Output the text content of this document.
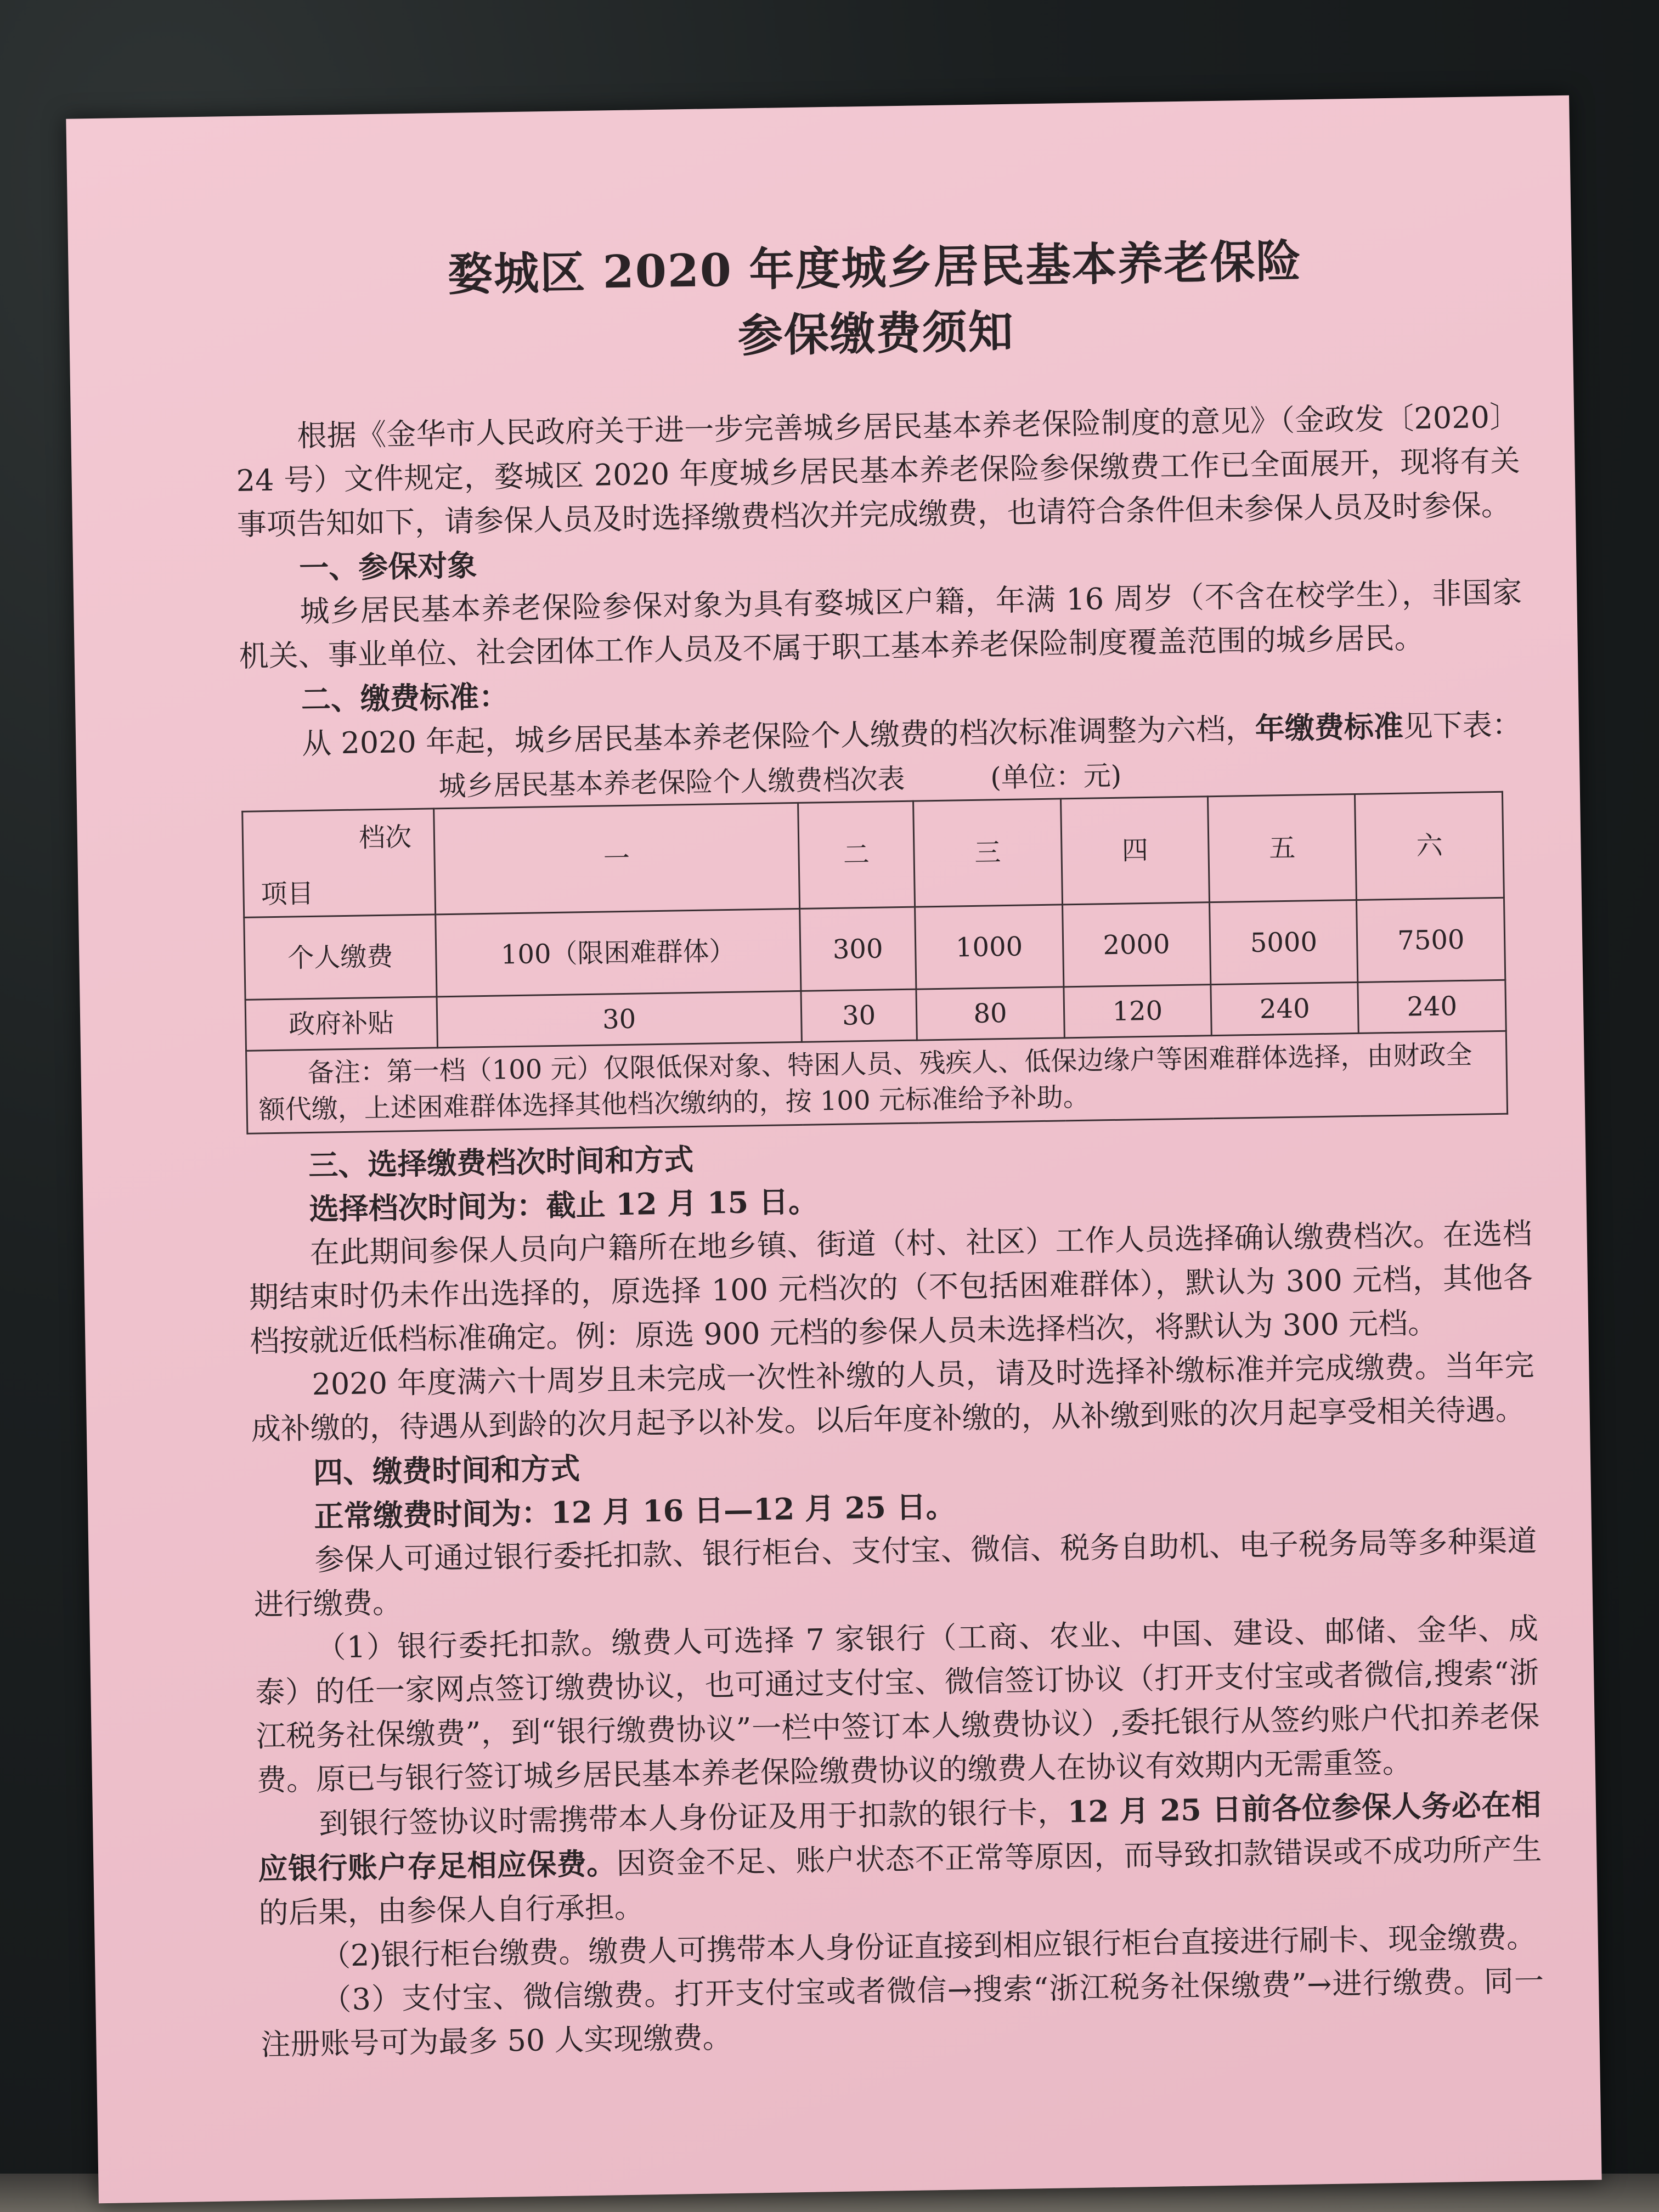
婺城区 2020 年度城乡居民基本养老保险
参保缴费须知

根据《金华市人民政府关于进一步完善城乡居民基本养老保险制度的意见》（金政发〔2020〕24 号）文件规定，婺城区 2020 年度城乡居民基本养老保险参保缴费工作已全面展开，现将有关事项告知如下，请参保人员及时选择缴费档次并完成缴费，也请符合条件但未参保人员及时参保。

一、参保对象

城乡居民基本养老保险参保对象为具有婺城区户籍，年满 16 周岁（不含在校学生），非国家机关、事业单位、社会团体工作人员及不属于职工基本养老保险制度覆盖范围的城乡居民。

二、缴费标准：

从 2020 年起，城乡居民基本养老保险个人缴费的档次标准调整为六档，年缴费标准见下表：

城乡居民基本养老保险个人缴费档次表	(单位：元)
档次
项目	一	二	三	四	五	六
个人缴费	100（限困难群体）	300	1000	2000	5000	7500
政府补贴	30	30	80	120	240	240
备注：第一档（100 元）仅限低保对象、特困人员、残疾人、低保边缘户等困难群体选择，由财政全额代缴，上述困难群体选择其他档次缴纳的，按 100 元标准给予补助。						

三、选择缴费档次时间和方式

选择档次时间为：截止 12 月 15 日。

在此期间参保人员向户籍所在地乡镇、街道（村、社区）工作人员选择确认缴费档次。在选档期结束时仍未作出选择的，原选择 100 元档次的（不包括困难群体），默认为 300 元档，其他各档按就近低档标准确定。例：原选 900 元档的参保人员未选择档次，将默认为 300 元档。

2020 年度满六十周岁且未完成一次性补缴的人员，请及时选择补缴标准并完成缴费。当年完成补缴的，待遇从到龄的次月起予以补发。以后年度补缴的，从补缴到账的次月起享受相关待遇。

四、缴费时间和方式

正常缴费时间为：12 月 16 日—12 月 25 日。

参保人可通过银行委托扣款、银行柜台、支付宝、微信、税务自助机、电子税务局等多种渠道进行缴费。

（1）银行委托扣款。缴费人可选择 7 家银行（工商、农业、中国、建设、邮储、金华、成泰）的任一家网点签订缴费协议，也可通过支付宝、微信签订协议（打开支付宝或者微信,搜索“浙江税务社保缴费”，到“银行缴费协议”一栏中签订本人缴费协议）,委托银行从签约账户代扣养老保费。原已与银行签订城乡居民基本养老保险缴费协议的缴费人在协议有效期内无需重签。

到银行签协议时需携带本人身份证及用于扣款的银行卡，12 月 25 日前各位参保人务必在相应银行账户存足相应保费。因资金不足、账户状态不正常等原因，而导致扣款错误或不成功所产生的后果，由参保人自行承担。

（2)银行柜台缴费。缴费人可携带本人身份证直接到相应银行柜台直接进行刷卡、现金缴费。

（3）支付宝、微信缴费。打开支付宝或者微信→搜索“浙江税务社保缴费”→进行缴费。同一注册账号可为最多 50 人实现缴费。
